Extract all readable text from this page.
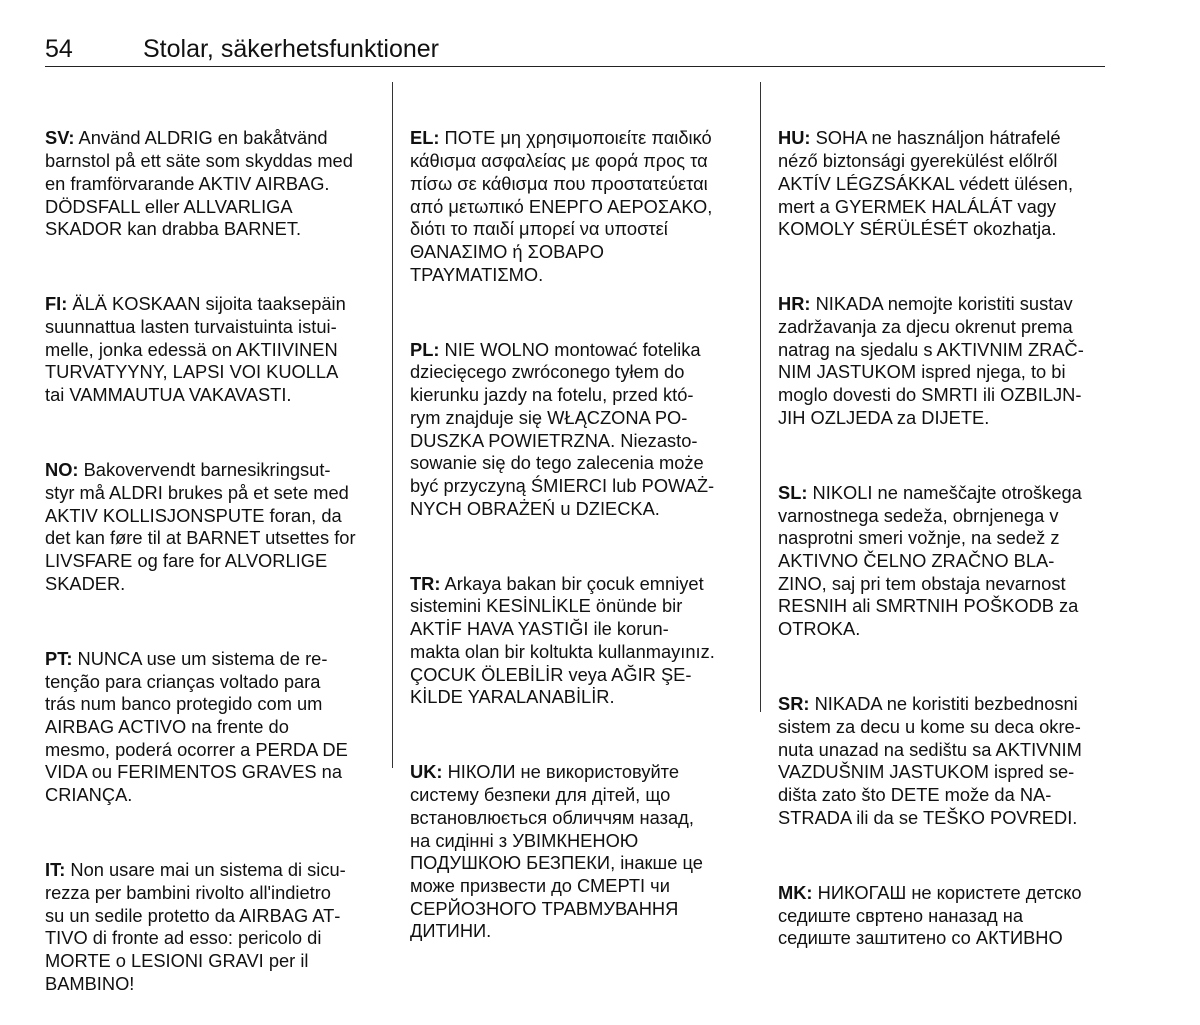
54	Stolar, säkerhetsfunktioner

SV: Använd ALDRIG en bakåtvänd
barnstol på ett säte som skyddas med
en framförvarande AKTIV AIRBAG.
DÖDSFALL eller ALLVARLIGA
SKADOR kan drabba BARNET.

FI: ÄLÄ KOSKAAN sijoita taaksepäin
suunnattua lasten turvaistuinta istui‐
melle, jonka edessä on AKTIIVINEN
TURVATYYNY, LAPSI VOI KUOLLA
tai VAMMAUTUA VAKAVASTI.

NO: Bakovervendt barnesikringsut‐
styr må ALDRI brukes på et sete med
AKTIV KOLLISJONSPUTE foran, da
det kan føre til at BARNET utsettes for
LIVSFARE og fare for ALVORLIGE
SKADER.

PT: NUNCA use um sistema de re‐
tenção para crianças voltado para
trás num banco protegido com um
AIRBAG ACTIVO na frente do
mesmo, poderá ocorrer a PERDA DE
VIDA ou FERIMENTOS GRAVES na
CRIANÇA.

IT: Non usare mai un sistema di sicu‐
rezza per bambini rivolto all'indietro
su un sedile protetto da AIRBAG AT‐
TIVO di fronte ad esso: pericolo di
MORTE o LESIONI GRAVI per il
BAMBINO!

EL: ΠΟΤΕ μη χρησιμοποιείτε παιδικό
κάθισμα ασφαλείας με φορά προς τα
πίσω σε κάθισμα που προστατεύεται
από μετωπικό ΕΝΕΡΓΟ ΑΕΡΟΣΑΚΟ,
διότι το παιδί μπορεί να υποστεί
ΘΑΝΑΣΙΜΟ ή ΣΟΒΑΡΟ
ΤΡΑΥΜΑΤΙΣΜΟ.

PL: NIE WOLNO montować fotelika
dziecięcego zwróconego tyłem do
kierunku jazdy na fotelu, przed któ‐
rym znajduje się WŁĄCZONA PO‐
DUSZKA POWIETRZNA. Niezasto‐
sowanie się do tego zalecenia może
być przyczyną ŚMIERCI lub POWAŻ‐
NYCH OBRAŻEŃ u DZIECKA.

TR: Arkaya bakan bir çocuk emniyet
sistemini KESİNLİKLE önünde bir
AKTİF HAVA YASTIĞI ile korun‐
makta olan bir koltukta kullanmayınız.
ÇOCUK ÖLEBİLİR veya AĞIR ŞE‐
KİLDE YARALANABİLİR.

UK: НІКОЛИ не використовуйте
систему безпеки для дітей, що
встановлюється обличчям назад,
на сидінні з УВІМКНЕНОЮ
ПОДУШКОЮ БЕЗПЕКИ, інакше це
може призвести до СМЕРТІ чи
СЕРЙОЗНОГО ТРАВМУВАННЯ
ДИТИНИ.

HU: SOHA ne használjon hátrafelé
néző biztonsági gyerekülést előlről
AKTÍV LÉGZSÁKKAL védett ülésen,
mert a GYERMEK HALÁLÁT vagy
KOMOLY SÉRÜLÉSÉT okozhatja.

HR: NIKADA nemojte koristiti sustav
zadržavanja za djecu okrenut prema
natrag na sjedalu s AKTIVNIM ZRAČ‐
NIM JASTUKOM ispred njega, to bi
moglo dovesti do SMRTI ili OZBILJN‐
JIH OZLJEDA za DIJETE.

SL: NIKOLI ne nameščajte otroškega
varnostnega sedeža, obrnjenega v
nasprotni smeri vožnje, na sedež z
AKTIVNO ČELNO ZRAČNO BLA‐
ZINO, saj pri tem obstaja nevarnost
RESNIH ali SMRTNIH POŠKODB za
OTROKA.

SR: NIKADA ne koristiti bezbednosni
sistem za decu u kome su deca okre‐
nuta unazad na sedištu sa AKTIVNIM
VAZDUŠNIM JASTUKOM ispred se‐
dišta zato što DETE može da NA‐
STRADA ili da se TEŠKO POVREDI.

MK: НИКОГАШ не користете детско
седиште свртено наназад на
седиште заштитено со АКТИВНО
